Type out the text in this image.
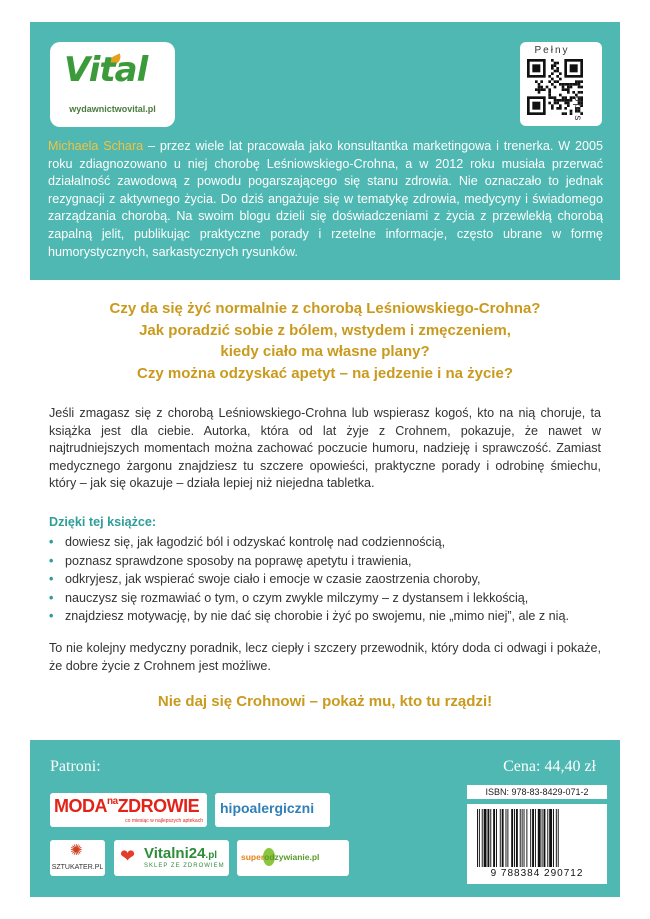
Vital
wydawnictwovital.pl
Pełny
opis

Michaela Schara – przez wiele lat pracowała jako konsultantka marketingowa i trenerka. W 2005 roku zdiagnozowano u niej chorobę Leśniowskiego-Crohna, a w 2012 roku musiała przerwać działalność zawodową z powodu pogarszającego się stanu zdrowia. Nie oznaczało to jednak rezygnacji z aktywnego życia. Do dziś angażuje się w tematykę zdrowia, medycyny i świadomego zarządzania chorobą. Na swoim blogu dzieli się doświadczeniami z życia z przewlekłą chorobą zapalną jelit, publikując praktyczne porady i rzetelne informacje, często ubrane w formę humorystycznych, sarkastycznych rysunków.

Czy da się żyć normalnie z chorobą Leśniowskiego-Crohna?
Jak poradzić sobie z bólem, wstydem i zmęczeniem,
kiedy ciało ma własne plany?
Czy można odzyskać apetyt – na jedzenie i na życie?

Jeśli zmagasz się z chorobą Leśniowskiego-Crohna lub wspierasz kogoś, kto na nią choruje, ta książka jest dla ciebie. Autorka, która od lat żyje z Crohnem, pokazuje, że nawet w najtrudniejszych momentach można zachować poczucie humoru, nadzieję i sprawczość. Zamiast medycznego żargonu znajdziesz tu szczere opowieści, praktyczne porady i odrobinę śmiechu, który – jak się okazuje – działa lepiej niż niejedna tabletka.

Dzięki tej książce:

• dowiesz się, jak łagodzić ból i odzyskać kontrolę nad codziennością,
• poznasz sprawdzone sposoby na poprawę apetytu i trawienia,
• odkryjesz, jak wspierać swoje ciało i emocje w czasie zaostrzenia choroby,
• nauczysz się rozmawiać o tym, o czym zwykle milczymy – z dystansem i lekkością,
• znajdziesz motywację, by nie dać się chorobie i żyć po swojemu, nie „mimo niej”, ale z nią.

To nie kolejny medyczny poradnik, lecz ciepły i szczery przewodnik, który doda ci odwagi i pokaże, że dobre życie z Crohnem jest możliwe.

Nie daj się Crohnowi – pokaż mu, kto tu rządzi!

Patroni:	Cena: 44,40 zł
$MODA^{na}ZDROWIE$
co miesiąc w najlepszych aptekach
hipoalergiczni
✺
SZTUKATER.PL
❤ Vitalni24.pl
SKLEP ZE ZDROWIEM
superodzywianie.pl
ISBN: 978-83-8429-071-2
9 788384 290712
